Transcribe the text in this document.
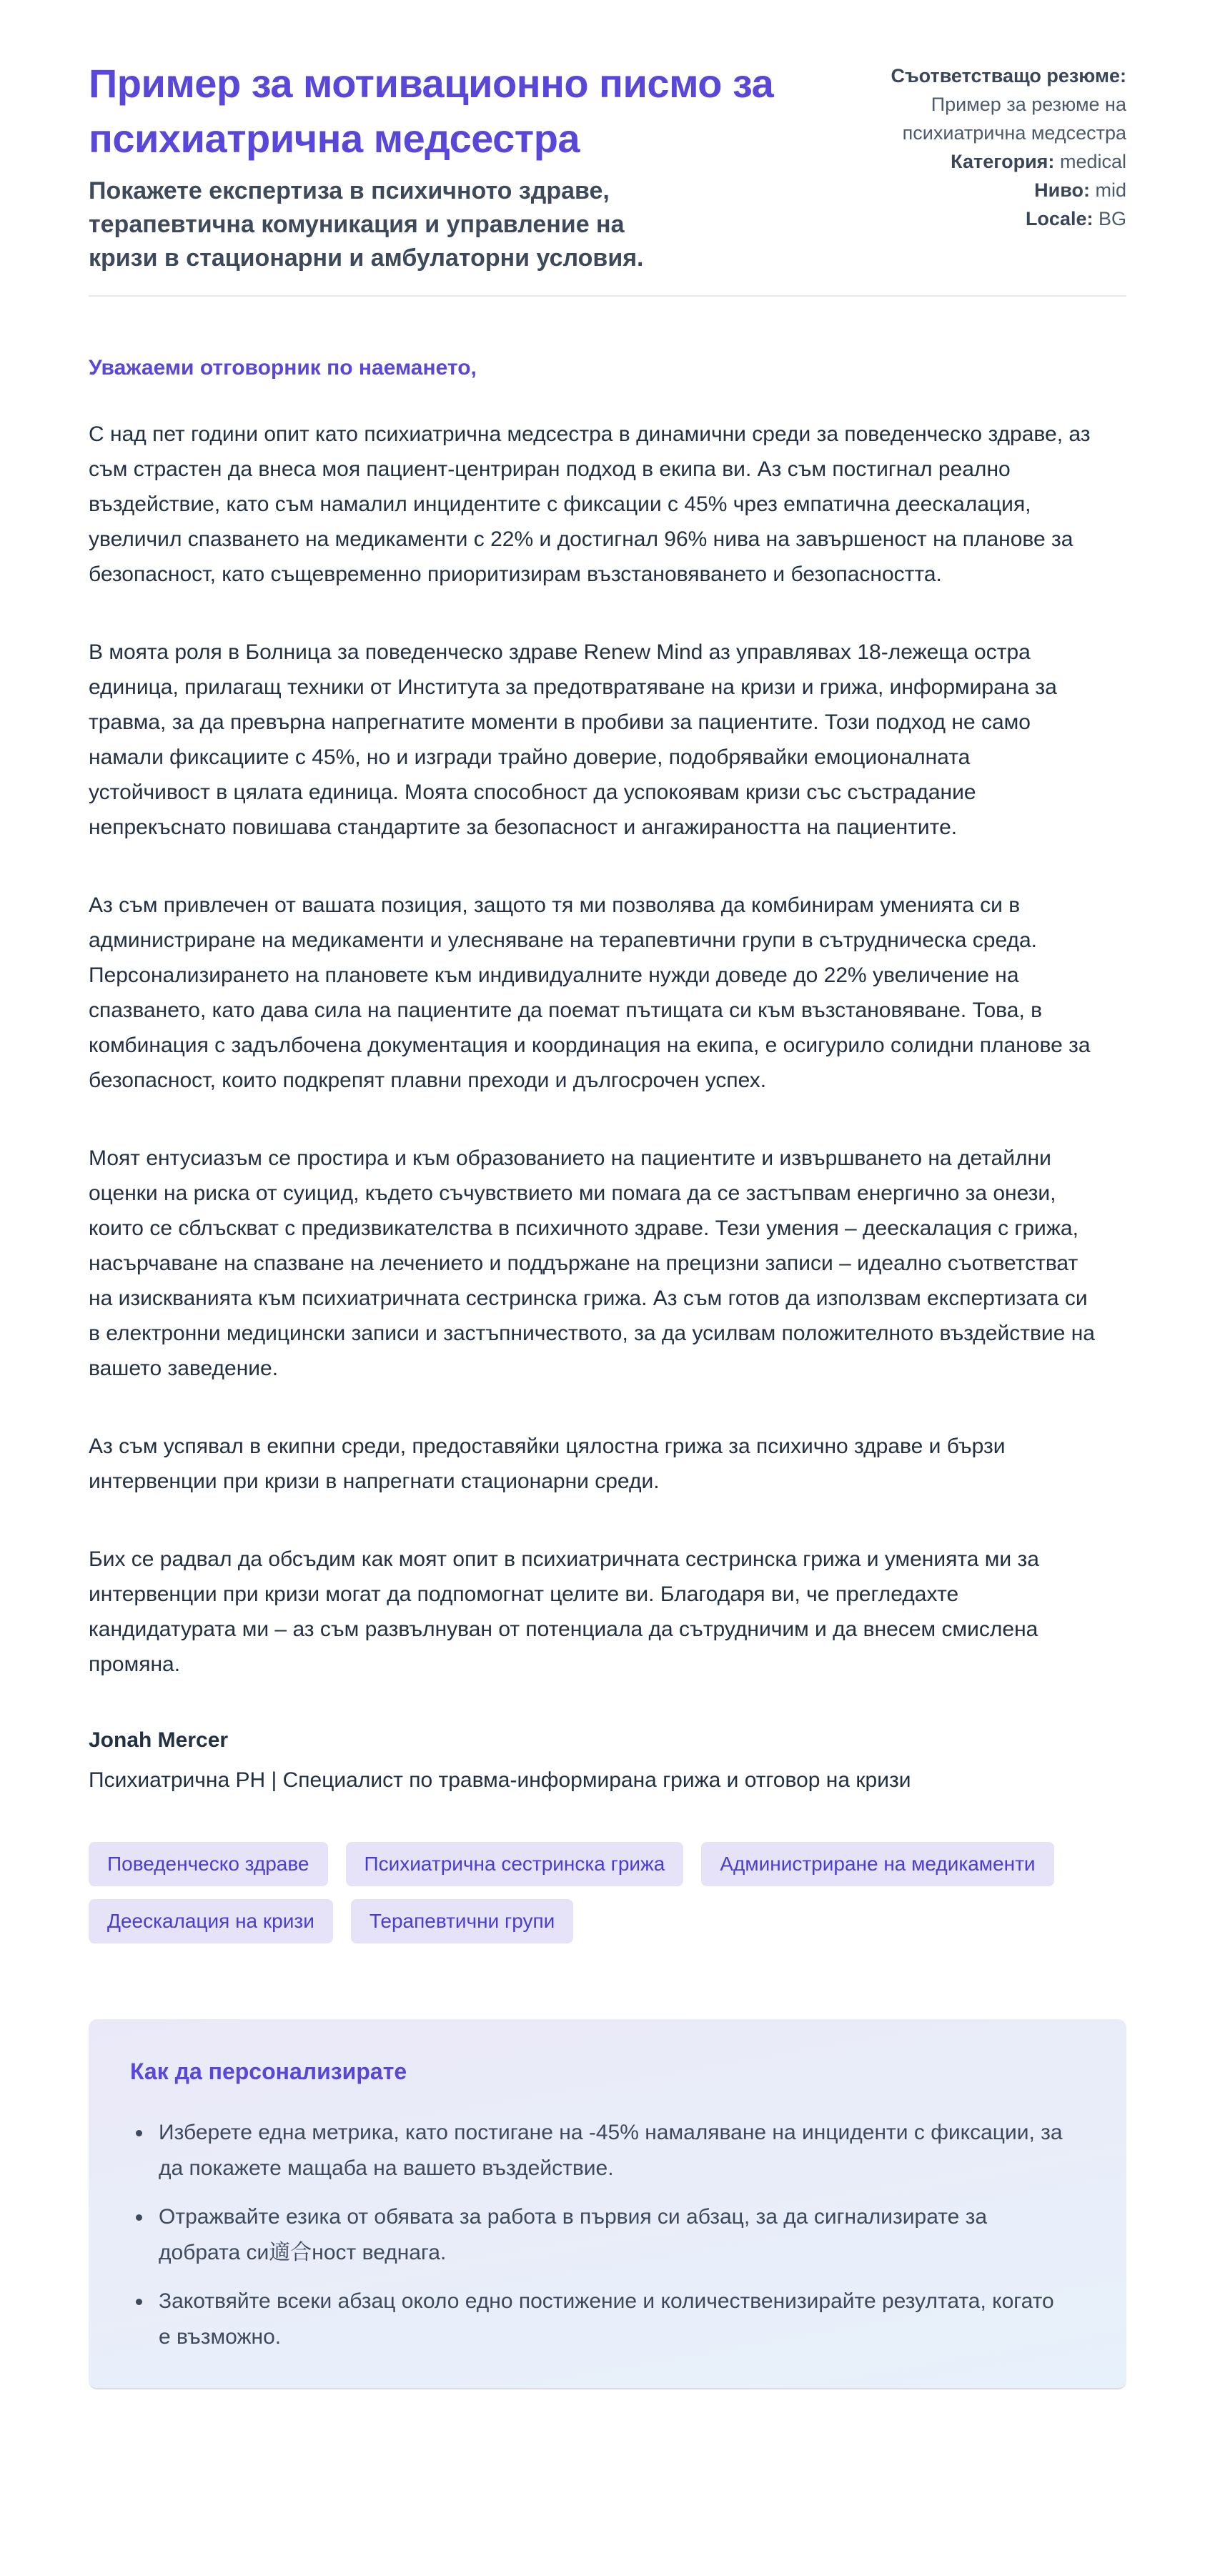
Пример за мотивационно писмо за психиатрична медсестра

Покажете експертиза в психичното здраве, терапевтична комуникация и управление на кризи в стационарни и амбулаторни условия.

Съответстващо резюме: Пример за резюме на психиатрична медсестра
Категория: medical
Ниво: mid
Locale: BG

Уважаеми отговорник по наемането,

С над пет години опит като психиатрична медсестра в динамични среди за поведенческо здраве, аз съм страстен да внеса моя пациент-центриран подход в екипа ви. Аз съм постигнал реално въздействие, като съм намалил инцидентите с фиксации с 45% чрез емпатична деескалация, увеличил спазването на медикаменти с 22% и достигнал 96% нива на завършеност на планове за безопасност, като същевременно приоритизирам възстановяването и безопасността.

В моята роля в Болница за поведенческо здраве Renew Mind аз управлявах 18-лежеща остра единица, прилагащ техники от Института за предотвратяване на кризи и грижа, информирана за травма, за да превърна напрегнатите моменти в пробиви за пациентите. Този подход не само намали фиксациите с 45%, но и изгради трайно доверие, подобрявайки емоционалната устойчивост в цялата единица. Моята способност да успокоявам кризи със състрадание непрекъснато повишава стандартите за безопасност и ангажираността на пациентите.

Аз съм привлечен от вашата позиция, защото тя ми позволява да комбинирам уменията си в администриране на медикаменти и улесняване на терапевтични групи в сътрудническа среда. Персонализирането на плановете към индивидуалните нужди доведе до 22% увеличение на спазването, като дава сила на пациентите да поемат пътищата си към възстановяване. Това, в комбинация с задълбочена документация и координация на екипа, е осигурило солидни планове за безопасност, които подкрепят плавни преходи и дългосрочен успех.

Моят ентусиазъм се простира и към образованието на пациентите и извършването на детайлни оценки на риска от суицид, където съчувствието ми помага да се застъпвам енергично за онези, които се сблъскват с предизвикателства в психичното здраве. Тези умения – деескалация с грижа, насърчаване на спазване на лечението и поддържане на прецизни записи – идеално съответстват на изискванията към психиатричната сестринска грижа. Аз съм готов да използвам експертизата си в електронни медицински записи и застъпничеството, за да усилвам положителното въздействие на вашето заведение.

Аз съм успявал в екипни среди, предоставяйки цялостна грижа за психично здраве и бързи интервенции при кризи в напрегнати стационарни среди.

Бих се радвал да обсъдим как моят опит в психиатричната сестринска грижа и уменията ми за интервенции при кризи могат да подпомогнат целите ви. Благодаря ви, че прегледахте кандидатурата ми – аз съм развълнуван от потенциала да сътрудничим и да внесем смислена промяна.

Jonah Mercer

Психиатрична РН | Специалист по травма-информирана грижа и отговор на кризи

Поведенческо здраве	Психиатрична сестринска грижа	Администриране на медикаменти
Деескалация на кризи	Терапевтични групи
Как да персонализирате
• Изберете една метрика, като постигане на -45% намаляване на инциденти с фиксации, за да покажете мащаба на вашето въздействие.
• Отражвайте езика от обявата за работа в първия си абзац, за да сигнализирате за добрата си適合ност веднага.
• Закотвяйте всеки абзац около едно постижение и количественизирайте резултата, когато е възможно.
